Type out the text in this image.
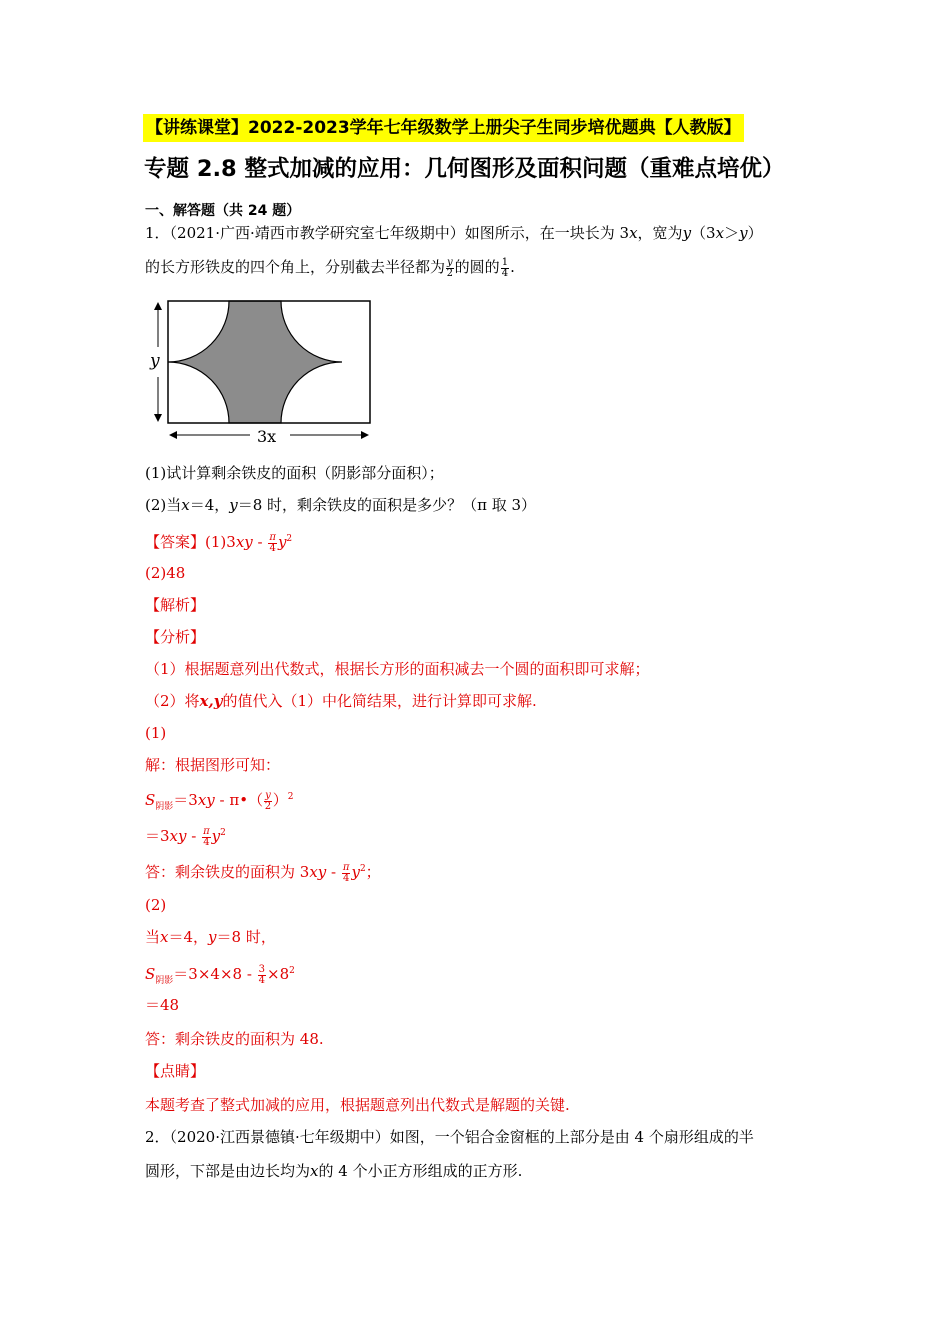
【讲练课堂】2022-2023学年七年级数学上册尖子生同步培优题典【人教版】
专题 2.8 整式加减的应用：几何图形及面积问题（重难点培优）
一、解答题（共 24 题）
1．（2021·广西·靖西市教学研究室七年级期中）如图所示，在一块长为 3x，宽为y（3x＞y）
的长方形铁皮的四个角上，分别截去半径都为 $\frac{y}{2}$ 的圆的 $\frac{1}{4}$ .
y
3x
(1)试计算剩余铁皮的面积（阴影部分面积）；
(2)当x＝4，y＝8 时，剩余铁皮的面积是多少？（π 取 3）
【答案】$(1)3xy - \frac{\pi}{4} y^2$
(2)48
【解析】
【分析】
（1）根据题意列出代数式，根据长方形的面积减去一个圆的面积即可求解；
（2）将x,y的值代入（1）中化简结果，进行计算即可求解.
(1)
解：根据图形可知：
$S_{阴影}=3xy$ - π•（ $\frac{y}{2} )^2$
$=3xy - \frac{\pi}{4} y^2$
答：剩余铁皮的面积为 $3xy - \frac{\pi}{4} y^2$；
(2)
当x＝4，y＝8 时，
$S_{阴影}=3\times 4\times 8 - \frac{3}{4} \times 8^2$
＝48
答：剩余铁皮的面积为 48.
【点睛】
本题考查了整式加减的应用，根据题意列出代数式是解题的关键.
2．（2020·江西景德镇·七年级期中）如图，一个铝合金窗框的上部分是由 4 个扇形组成的半
圆形，下部是由边长均为x的 4 个小正方形组成的正方形.
